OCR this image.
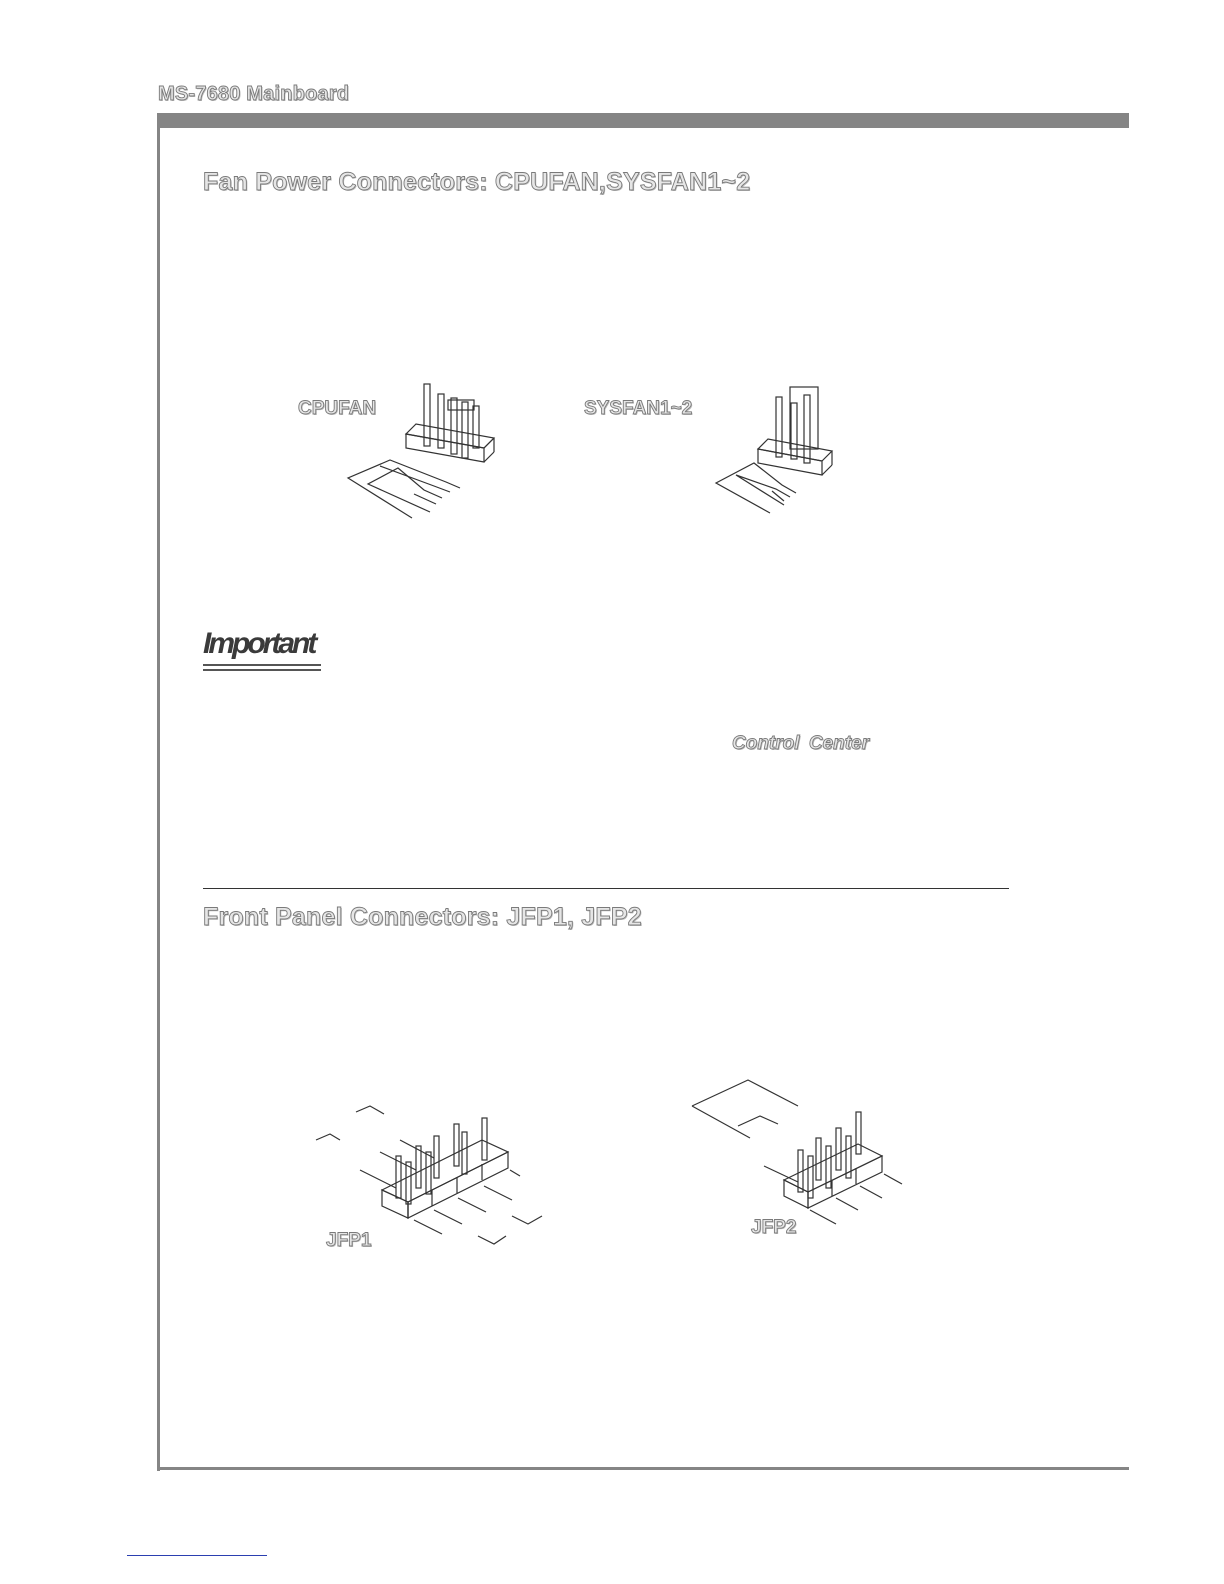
MS-7680 Mainboard
Fan Power Connectors: CPUFAN,SYSFAN1~2
CPUFAN	SYSFAN1~2
Important
Control Center
Front Panel Connectors: JFP1, JFP2
JFP1
JFP2
